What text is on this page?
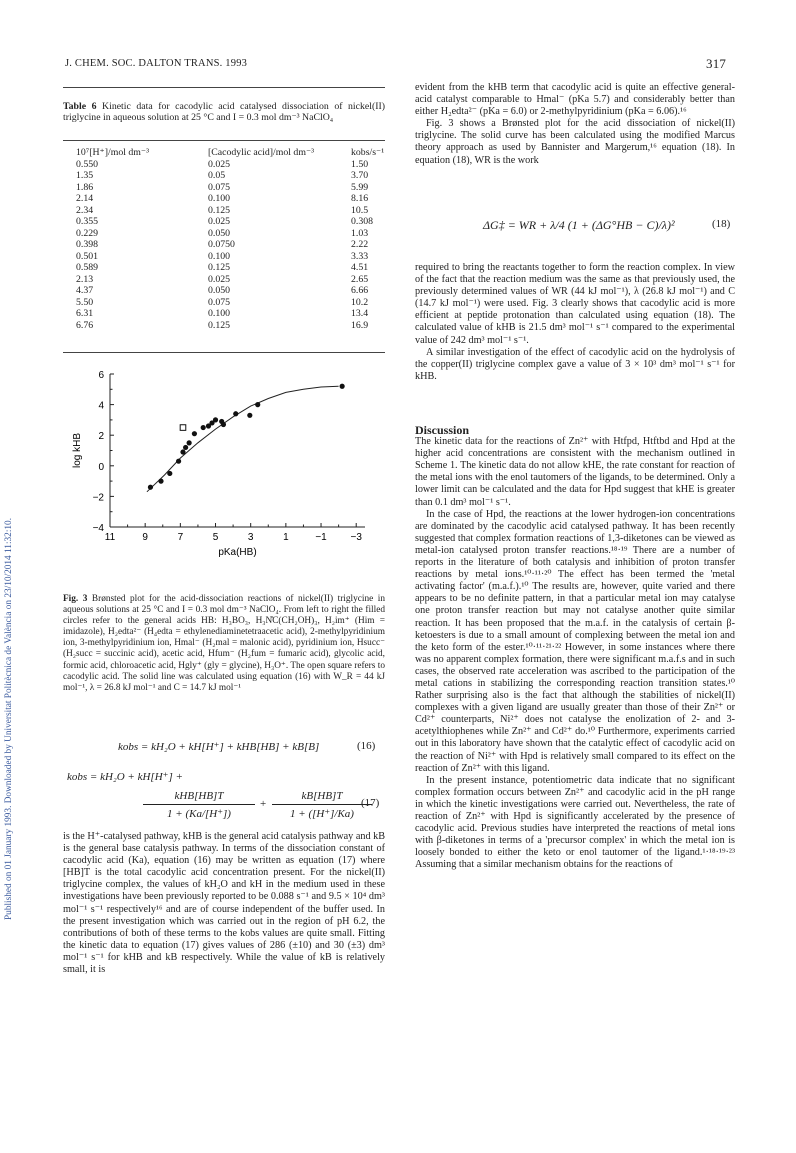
Published on 01 January 1993. Downloaded by Universitat Politècnica de València on 23/10/2014 11:32:10.
J. CHEM. SOC. DALTON TRANS. 1993	317
Table 6 Kinetic data for cacodylic acid catalysed dissociation of nickel(II) triglycine in aqueous solution at 25 °C and I = 0.3 mol dm⁻³ NaClO₄
10⁷[H⁺]/mol dm⁻³	[Cacodylic acid]/mol dm⁻³	kobs/s⁻¹
0.550	0.025	1.50
1.35	0.05	3.70
1.86	0.075	5.99
2.14	0.100	8.16
2.34	0.125	10.5
0.355	0.025	0.308
0.229	0.050	1.03
0.398	0.0750	2.22
0.501	0.100	3.33
0.589	0.125	4.51
2.13	0.025	2.65
4.37	0.050	6.66
5.50	0.075	10.2
6.31	0.100	13.4
6.76	0.125	16.9
6
4
2
0
−2
−4
11	9	7	5	3	1	−1 −3
pKa(HB)
log kHB
Fig. 3 Brønsted plot for the acid-dissociation reactions of nickel(II) triglycine in aqueous solutions at 25 °C and I = 0.3 mol dm⁻³ NaClO₄. From left to right the filled circles refer to the general acids HB: H₃BO₃, H₃N̊C(CH₂OH)₃, H₂im⁺ (Him = imidazole), H₂edta²⁻ (H₄edta = ethylenediaminetetraacetic acid), 2-methylpyridinium ion, 3-methylpyridinium ion, Hmal⁻ (H₂mal = malonic acid), pyridinium ion, Hsucc⁻ (H₂succ = succinic acid), acetic acid, Hfum⁻ (H₂fum = fumaric acid), glycolic acid, formic acid, chloroacetic acid, Hgly⁺ (gly = glycine), H₃O⁺. The open square refers to cacodylic acid. The solid line was calculated using equation (16) with W_R = 44 kJ mol⁻¹, λ = 26.8 kJ mol⁻¹ and C = 14.7 kJ mol⁻¹
kobs = kH₂O + kH[H⁺] + kHB[HB] + kB[B]	(16)
kobs = kH₂O + kH[H⁺] +
kHB[HB]T
1 + (Ka/[H⁺])
+
kB[HB]T
1 + ([H⁺]/Ka)
(17)

is the H⁺-catalysed pathway, kHB is the general acid catalysis pathway and kB is the general base catalysis pathway. In terms of the dissociation constant of cacodylic acid (Ka), equation (16) may be written as equation (17) where [HB]T is the total cacodylic acid concentration present. For the nickel(II) triglycine complex, the values of kH₂O and kH in the medium used in these investigations have been previously reported to be 0.088 s⁻¹ and 9.5 × 10⁴ dm³ mol⁻¹ s⁻¹ respectively¹⁶ and are of course independent of the buffer used. In the present investigation which was carried out in the region of pH 6.2, the contributions of both of these terms to the kobs values are quite small. Fitting the kinetic data to equation (17) gives values of 286 (±10) and 30 (±3) dm³ mol⁻¹ s⁻¹ for kHB and kB respectively. While the value of kB is relatively small, it is

evident from the kHB term that cacodylic acid is quite an effective general-acid catalyst comparable to Hmal⁻ (pKa 5.7) and considerably better than either H₂edta²⁻ (pKa = 6.0) or 2-methylpyridinium (pKa = 6.06).¹⁶

Fig. 3 shows a Brønsted plot for the acid dissociation of nickel(II) triglycine. The solid curve has been calculated using the modified Marcus theory approach as used by Bannister and Margerum,¹⁶ equation (18). In equation (18), WR is the work

ΔG‡ = WR + λ/4 (1 + (ΔG°HB − C)/λ)²	(18)

required to bring the reactants together to form the reaction complex. In view of the fact that the reaction medium was the same as that previously used, the previously determined values of WR (44 kJ mol⁻¹), λ (26.8 kJ mol⁻¹) and C (14.7 kJ mol⁻¹) were used. Fig. 3 clearly shows that cacodylic acid is more efficient at peptide protonation than calculated using equation (18). The calculated value of kHB is 21.5 dm³ mol⁻¹ s⁻¹ compared to the experimental value of 242 dm³ mol⁻¹ s⁻¹.

A similar investigation of the effect of cacodylic acid on the hydrolysis of the copper(II) triglycine complex gave a value of 3 × 10³ dm³ mol⁻¹ s⁻¹ for kHB.

Discussion

The kinetic data for the reactions of Zn²⁺ with Htfpd, Htftbd and Hpd at the higher acid concentrations are consistent with the mechanism outlined in Scheme 1. The kinetic data do not allow kHE, the rate constant for reaction of the metal ions with the enol tautomers of the ligands, to be determined. Only a lower limit can be calculated and the data for Hpd suggest that kHE is greater than 0.1 dm³ mol⁻¹ s⁻¹.

In the case of Hpd, the reactions at the lower hydrogen-ion concentrations are dominated by the cacodylic acid catalysed pathway. It has been recently suggested that complex formation reactions of 1,3-diketones can be viewed as metal-ion catalysed proton transfer reactions.¹⁸·¹⁹ There are a number of reports in the literature of both catalysis and inhibition of proton transfer reactions by metal ions.¹⁰·¹¹·²⁰ The effect has been termed the 'metal activating factor' (m.a.f.).¹⁰ The results are, however, quite varied and there appears to be no definite pattern, in that a particular metal ion may catalyse one proton transfer reaction but may not catalyse another quite similar reaction. It has been proposed that the m.a.f. in the catalysis of certain β-ketoesters is due to a small amount of complexing between the metal ion and the keto form of the ester.¹⁰·¹¹·²¹·²² However, in some instances where there was no apparent complex formation, there were significant m.a.f.s and in such cases, the observed rate acceleration was ascribed to the participation of the metal cations in stabilizing the corresponding reaction transition states.¹⁰ Rather surprising also is the fact that although the stabilities of nickel(II) complexes with a given ligand are usually greater than those of their Zn²⁺ or Cd²⁺ counterparts, Ni²⁺ does not catalyse the enolization of 2- and 3-acetylthiophenes while Zn²⁺ and Cd²⁺ do.¹⁰ Furthermore, experiments carried out in this laboratory have shown that the catalytic effect of cacodylic acid on the reaction of Ni²⁺ with Hpd is relatively small compared to its effect on the reaction of Zn²⁺ with this ligand.

In the present instance, potentiometric data indicate that no significant complex formation occurs between Zn²⁺ and cacodylic acid in the pH range in which the kinetic investigations were carried out. Nevertheless, the rate of reaction of Zn²⁺ with Hpd is significantly accelerated by the presence of cacodylic acid. Previous studies have interpreted the reactions of metal ions with β-diketones in terms of a 'precursor complex' in which the metal ion is loosely bonded to either the keto or enol tautomer of the ligand.¹·¹⁸·¹⁹·²³ Assuming that a similar mechanism obtains for the reactions of
